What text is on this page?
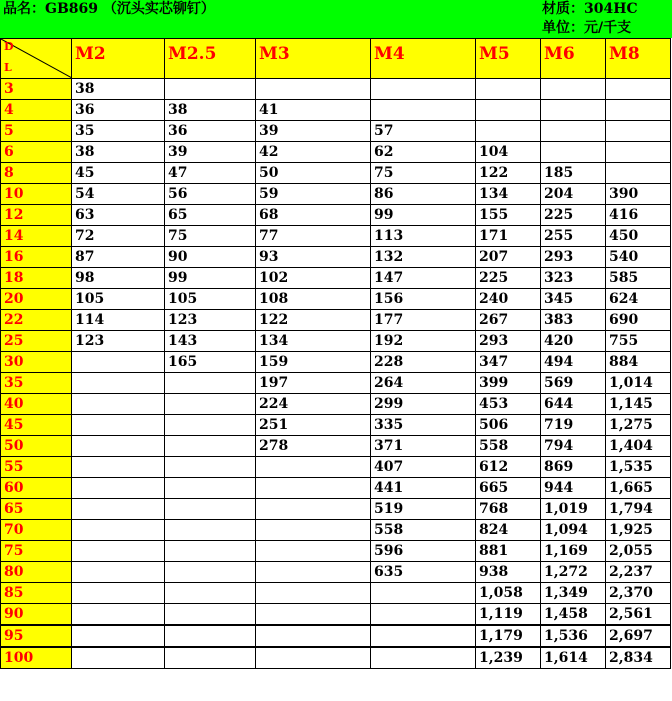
品名：GB869 （沉头实芯铆钉）	材质：304HC
单位：元/千支
D
L	M2	M2.5	M3	M4	M5	M6	M8
3	38						
4	36	38	41				
5	35	36	39	57			
6	38	39	42	62	104		
8	45	47	50	75	122	185	
10	54	56	59	86	134	204	390
12	63	65	68	99	155	225	416
14	72	75	77	113	171	255	450
16	87	90	93	132	207	293	540
18	98	99	102	147	225	323	585
20	105	105	108	156	240	345	624
22	114	123	122	177	267	383	690
25	123	143	134	192	293	420	755
30		165	159	228	347	494	884
35			197	264	399	569	1,014
40			224	299	453	644	1,145
45			251	335	506	719	1,275
50			278	371	558	794	1,404
55				407	612	869	1,535
60				441	665	944	1,665
65				519	768	1,019	1,794
70				558	824	1,094	1,925
75				596	881	1,169	2,055
80				635	938	1,272	2,237
85					1,058	1,349	2,370
90					1,119	1,458	2,561
95					1,179	1,536	2,697
100					1,239	1,614	2,834
